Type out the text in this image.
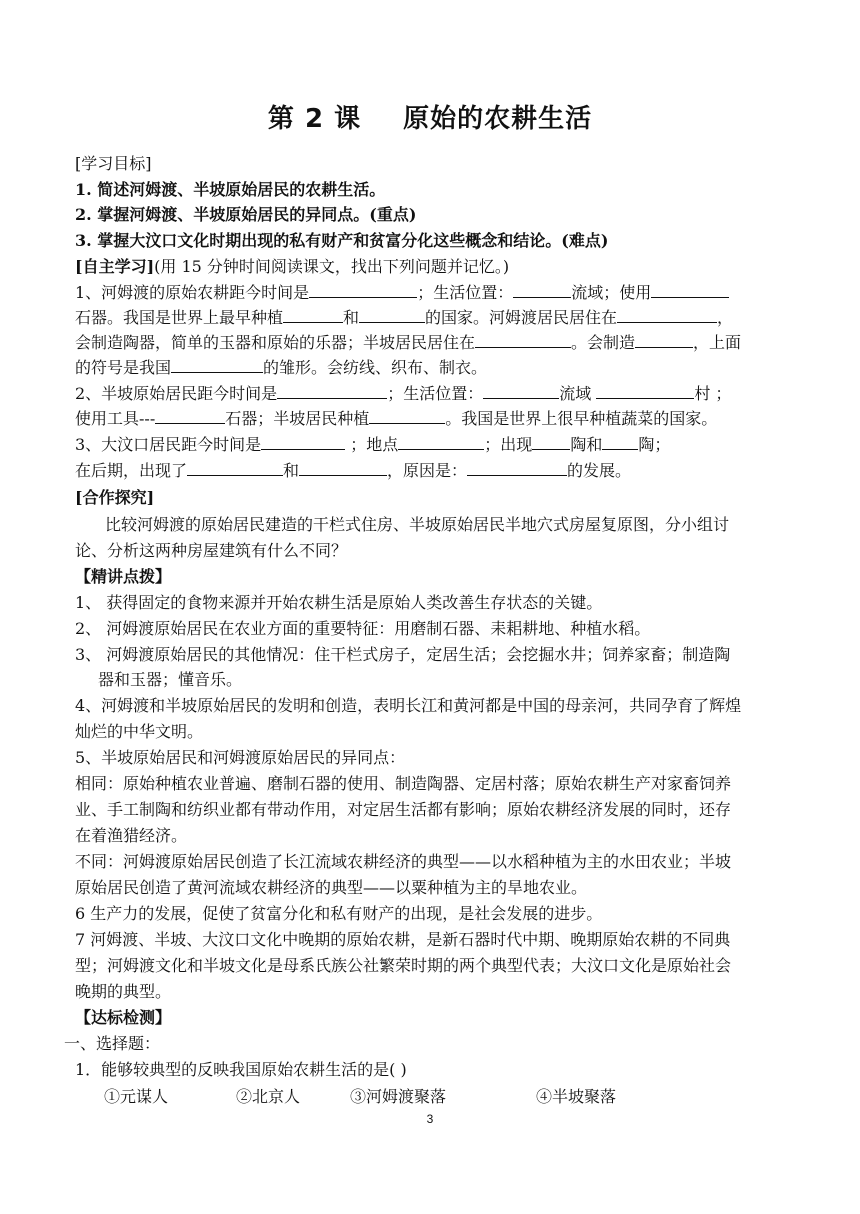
第 2 课 原始的农耕生活
[学习目标]
1. 简述河姆渡、半坡原始居民的农耕生活。
2. 掌握河姆渡、半坡原始居民的异同点。(重点)
3. 掌握大汶口文化时期出现的私有财产和贫富分化这些概念和结论。(难点)
[自主学习](用 15 分钟时间阅读课文，找出下列问题并记忆。)
1、河姆渡的原始农耕距今时间是	；生活位置：	流域；使用
石器。我国是世界上最早种植	和	的国家。河姆渡居民居住在	，
会制造陶器，简单的玉器和原始的乐器；半坡居民居住在	。会制造	，上面
的符号是我国	的雏形。会纺线、织布、制衣。
2、半坡原始居民距今时间是	；生活位置：	流域	村 ；
使用工具---	石器；半坡居民种植	。我国是世界上很早种植蔬菜的国家。
3、大汶口居民距今时间是	；地点	；出现 陶和 陶；
在后期，出现了	和	，原因是：	的发展。
[合作探究]
比较河姆渡的原始居民建造的干栏式住房、半坡原始居民半地穴式房屋复原图，分小组讨
论、分析这两种房屋建筑有什么不同？
【精讲点拨】
1、 获得固定的食物来源并开始农耕生活是原始人类改善生存状态的关键。
2、 河姆渡原始居民在农业方面的重要特征：用磨制石器、耒耜耕地、种植水稻。
3、 河姆渡原始居民的其他情况：住干栏式房子，定居生活；会挖掘水井；饲养家畜；制造陶
器和玉器；懂音乐。
4、河姆渡和半坡原始居民的发明和创造，表明长江和黄河都是中国的母亲河，共同孕育了辉煌
灿烂的中华文明。
5、半坡原始居民和河姆渡原始居民的异同点：
相同：原始种植农业普遍、磨制石器的使用、制造陶器、定居村落；原始农耕生产对家畜饲养
业、手工制陶和纺织业都有带动作用，对定居生活都有影响；原始农耕经济发展的同时，还存
在着渔猎经济。
不同：河姆渡原始居民创造了长江流域农耕经济的典型——以水稻种植为主的水田农业；半坡
原始居民创造了黄河流域农耕经济的典型——以粟种植为主的旱地农业。
6 生产力的发展，促使了贫富分化和私有财产的出现，是社会发展的进步。
7 河姆渡、半坡、大汶口文化中晚期的原始农耕，是新石器时代中期、晚期原始农耕的不同典
型；河姆渡文化和半坡文化是母系氏族公社繁荣时期的两个典型代表；大汶口文化是原始社会
晚期的典型。
【达标检测】
一、选择题：
1．能够较典型的反映我国原始农耕生活的是( )
①元谋人	②北京人	③河姆渡聚落	④半坡聚落
3
